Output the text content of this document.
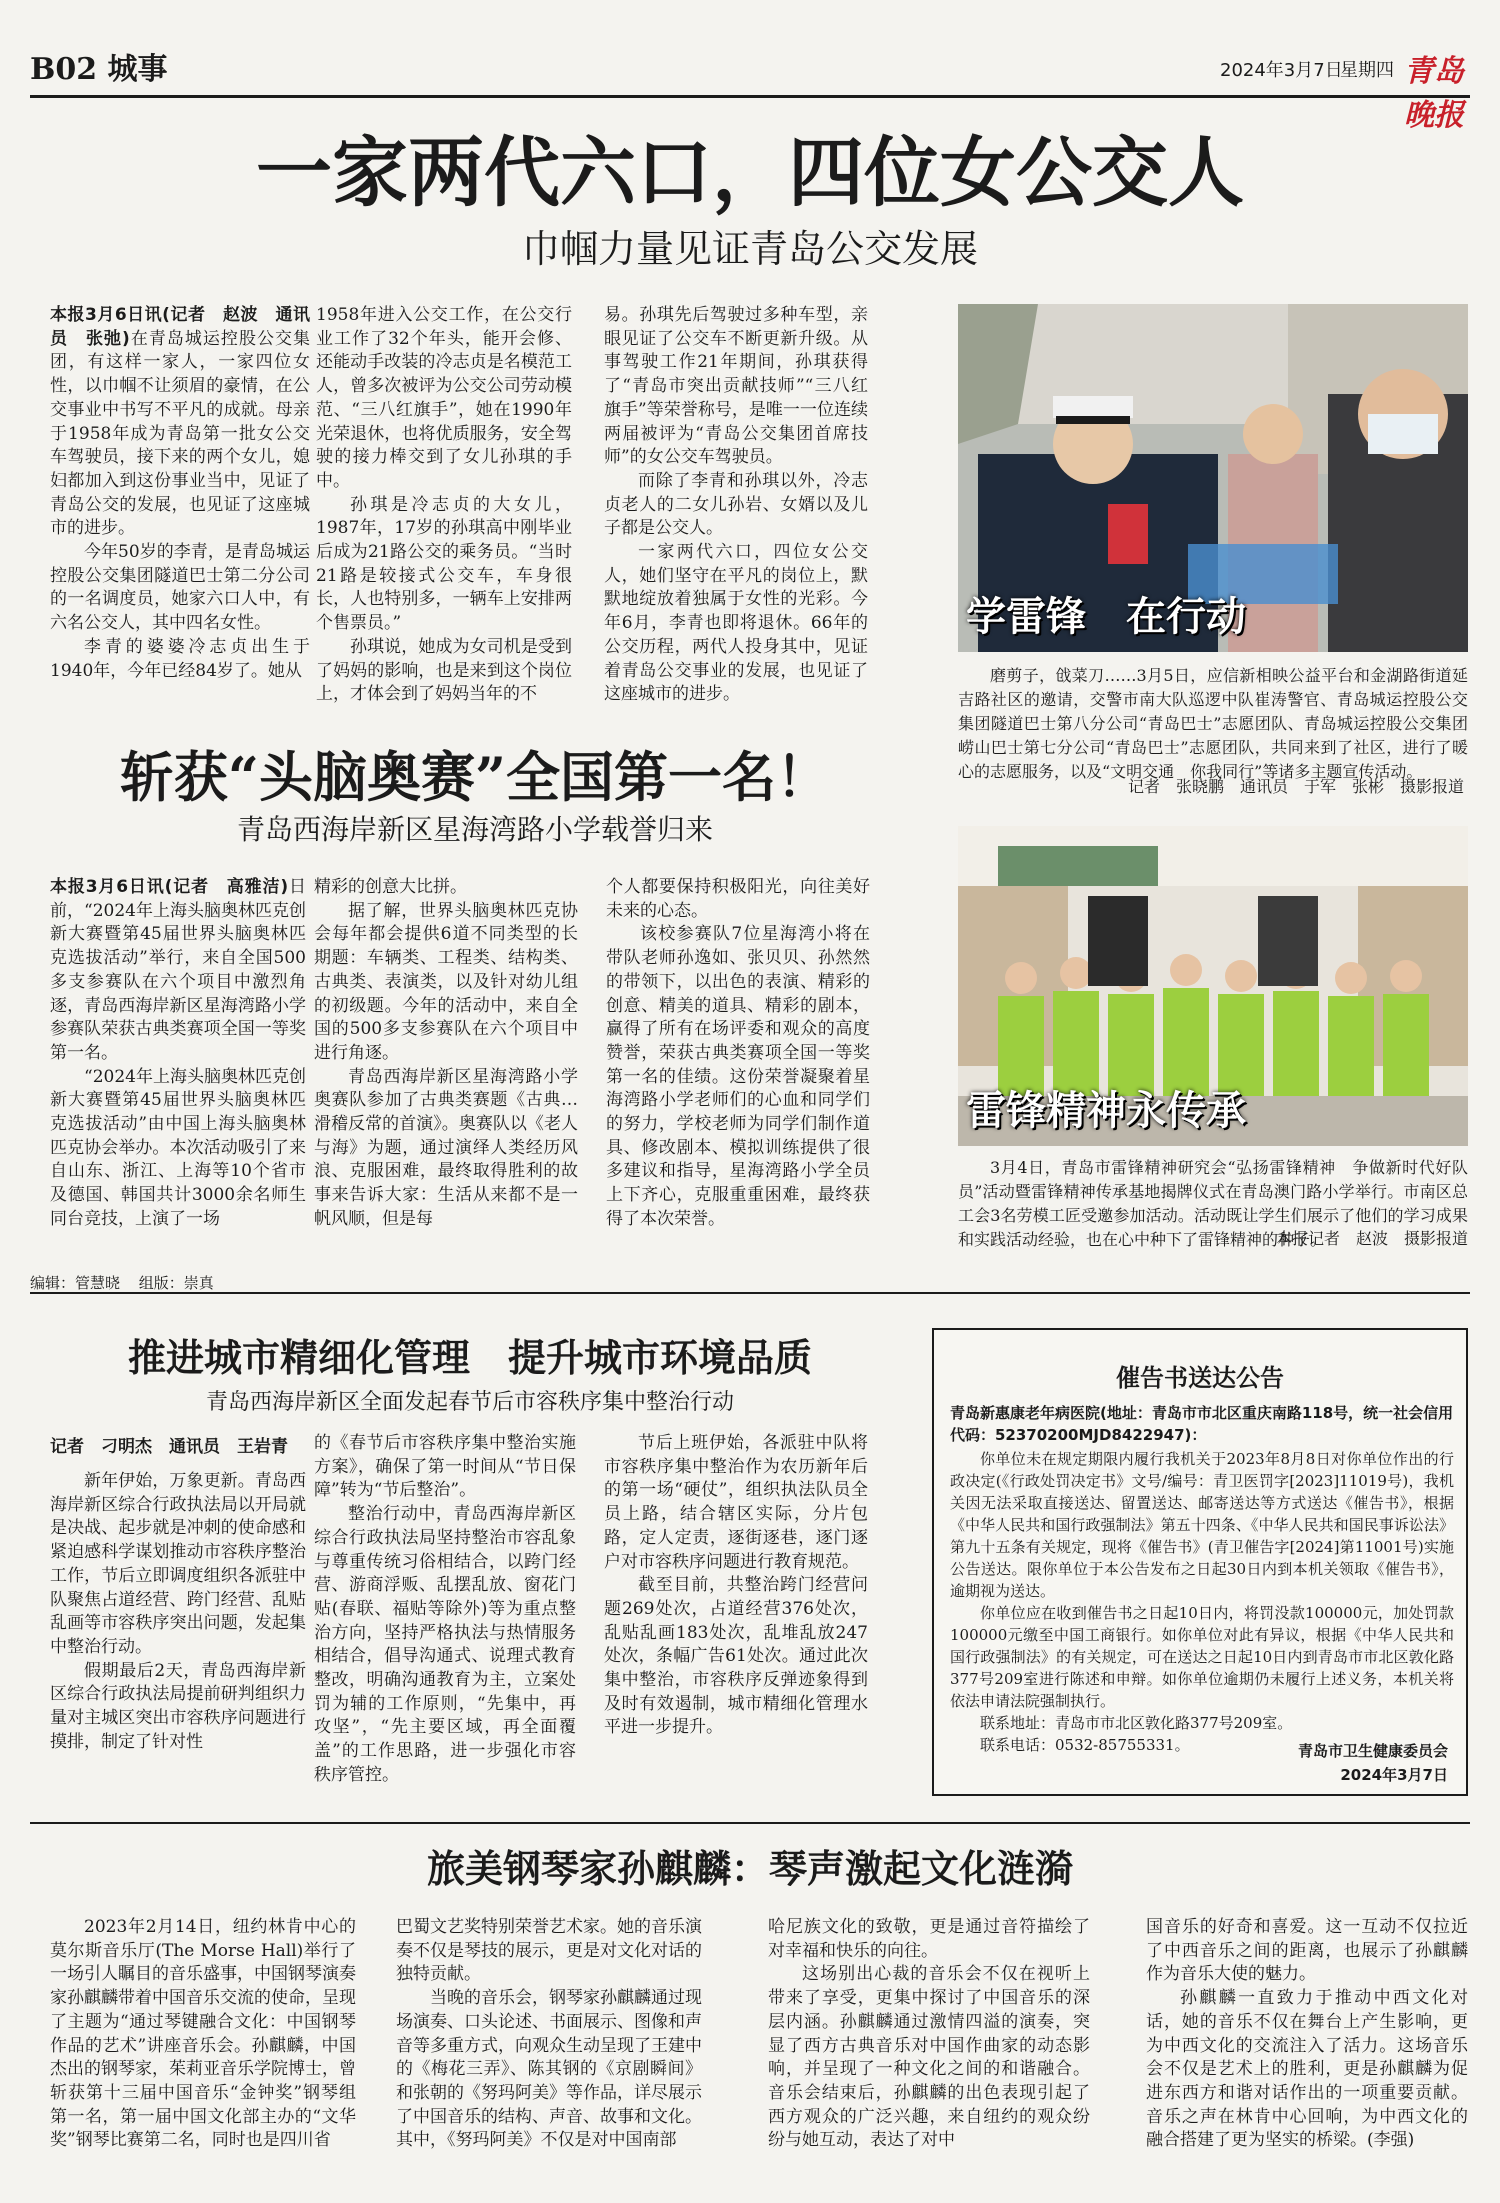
B02 城事	2024年3月7日
星期四 青岛晚报
一家两代六口，四位女公交人
巾帼力量见证青岛公交发展

本报3月6日讯(记者　赵波　通讯员　张弛)在青岛城运控股公交集团，有这样一家人，一家四位女性，以巾帼不让须眉的豪情，在公交事业中书写不平凡的成就。母亲于1958年成为青岛第一批女公交车驾驶员，接下来的两个女儿，媳妇都加入到这份事业当中，见证了青岛公交的发展，也见证了这座城市的进步。

今年50岁的李青，是青岛城运控股公交集团隧道巴士第二分公司的一名调度员，她家六口人中，有六名公交人，其中四名女性。

李青的婆婆冷志贞出生于1940年，今年已经84岁了。她从

1958年进入公交工作，在公交行业工作了32个年头，能开会修、还能动手改装的冷志贞是名模范工人，曾多次被评为公交公司劳动模范、“三八红旗手”，她在1990年光荣退休，也将优质服务，安全驾驶的接力棒交到了女儿孙琪的手中。

孙琪是冷志贞的大女儿，1987年，17岁的孙琪高中刚毕业后成为21路公交的乘务员。“当时21路是较接式公交车，车身很长，人也特别多，一辆车上安排两个售票员。”

孙琪说，她成为女司机是受到了妈妈的影响，也是来到这个岗位上，才体会到了妈妈当年的不

易。孙琪先后驾驶过多种车型，亲眼见证了公交车不断更新升级。从事驾驶工作21年期间，孙琪获得了“青岛市突出贡献技师”“三八红旗手”等荣誉称号，是唯一一位连续两届被评为“青岛公交集团首席技师”的女公交车驾驶员。

而除了李青和孙琪以外，冷志贞老人的二女儿孙岩、女婿以及儿子都是公交人。

一家两代六口，四位女公交人，她们坚守在平凡的岗位上，默默地绽放着独属于女性的光彩。今年6月，李青也即将退休。66年的公交历程，两代人投身其中，见证着青岛公交事业的发展，也见证了这座城市的进步。

学雷锋　在行动

磨剪子，戗菜刀……3月5日，应信新相映公益平台和金湖路街道延吉路社区的邀请，交警市南大队巡逻中队崔涛警官、青岛城运控股公交集团隧道巴士第八分公司“青岛巴士”志愿团队、青岛城运控股公交集团崂山巴士第七分公司“青岛巴士”志愿团队，共同来到了社区，进行了暖心的志愿服务，以及“文明交通　你我同行”等诸多主题宣传活动。

记者　张晓鹏　通讯员　于军　张彬　摄影报道
斩获“头脑奥赛”全国第一名！
青岛西海岸新区星海湾路小学载誉归来

本报3月6日讯(记者　高雅洁)日前，“2024年上海头脑奥林匹克创新大赛暨第45届世界头脑奥林匹克选拔活动”举行，来自全国500多支参赛队在六个项目中激烈角逐，青岛西海岸新区星海湾路小学参赛队荣获古典类赛项全国一等奖第一名。

“2024年上海头脑奥林匹克创新大赛暨第45届世界头脑奥林匹克选拔活动”由中国上海头脑奥林匹克协会举办。本次活动吸引了来自山东、浙江、上海等10个省市及德国、韩国共计3000余名师生同台竞技，上演了一场

精彩的创意大比拼。

据了解，世界头脑奥林匹克协会每年都会提供6道不同类型的长期题：车辆类、工程类、结构类、古典类、表演类，以及针对幼儿组的初级题。今年的活动中，来自全国的500多支参赛队在六个项目中进行角逐。

青岛西海岸新区星海湾路小学奥赛队参加了古典类赛题《古典…滑稽反常的首演》。奥赛队以《老人与海》为题，通过演绎人类经历风浪、克服困难，最终取得胜利的故事来告诉大家：生活从来都不是一帆风顺，但是每

个人都要保持积极阳光，向往美好未来的心态。

该校参赛队7位星海湾小将在带队老师孙逸如、张贝贝、孙然然的带领下，以出色的表演、精彩的创意、精美的道具、精彩的剧本，赢得了所有在场评委和观众的高度赞誉，荣获古典类赛项全国一等奖第一名的佳绩。这份荣誉凝聚着星海湾路小学老师们的心血和同学们的努力，学校老师为同学们制作道具、修改剧本、模拟训练提供了很多建议和指导，星海湾路小学全员上下齐心，克服重重困难，最终获得了本次荣誉。

雷锋精神永传承

3月4日，青岛市雷锋精神研究会“弘扬雷锋精神　争做新时代好队员”活动暨雷锋精神传承基地揭牌仪式在青岛澳门路小学举行。市南区总工会3名劳模工匠受邀参加活动。活动既让学生们展示了他们的学习成果和实践活动经验，也在心中种下了雷锋精神的种子。

本报记者　赵波　摄影报道
编辑：管慧晓 组版：崇真
推进城市精细化管理　提升城市环境品质
青岛西海岸新区全面发起春节后市容秩序集中整治行动
记者　刁明杰　通讯员　王岩青

新年伊始，万象更新。青岛西海岸新区综合行政执法局以开局就是决战、起步就是冲刺的使命感和紧迫感科学谋划推动市容秩序整治工作，节后立即调度组织各派驻中队聚焦占道经营、跨门经营、乱贴乱画等市容秩序突出问题，发起集中整治行动。

假期最后2天，青岛西海岸新区综合行政执法局提前研判组织力量对主城区突出市容秩序问题进行摸排，制定了针对性

的《春节后市容秩序集中整治实施方案》，确保了第一时间从“节日保障”转为“节后整治”。

整治行动中，青岛西海岸新区综合行政执法局坚持整治市容乱象与尊重传统习俗相结合，以跨门经营、游商浮贩、乱摆乱放、窗花门贴(春联、福贴等除外)等为重点整治方向，坚持严格执法与热情服务相结合，倡导沟通式、说理式教育整改，明确沟通教育为主，立案处罚为辅的工作原则，“先集中，再攻坚”，“先主要区域，再全面覆盖”的工作思路，进一步强化市容秩序管控。

节后上班伊始，各派驻中队将市容秩序集中整治作为农历新年后的第一场“硬仗”，组织执法队员全员上路，结合辖区实际，分片包路，定人定责，逐街逐巷，逐门逐户对市容秩序问题进行教育规范。

截至目前，共整治跨门经营问题269处次，占道经营376处次，乱贴乱画183处次，乱堆乱放247处次，条幅广告61处次。通过此次集中整治，市容秩序反弹迹象得到及时有效遏制，城市精细化管理水平进一步提升。

催告书送达公告
青岛新惠康老年病医院(地址：青岛市市北区重庆南路118号，统一社会信用代码：52370200MJD8422947)：

你单位未在规定期限内履行我机关于2023年8月8日对你单位作出的行政决定(《行政处罚决定书》文号/编号：青卫医罚字[2023]11019号)，我机关因无法采取直接送达、留置送达、邮寄送达等方式送达《催告书》，根据《中华人民共和国行政强制法》第五十四条、《中华人民共和国民事诉讼法》第九十五条有关规定，现将《催告书》(青卫催告字[2024]第11001号)实施公告送达。限你单位于本公告发布之日起30日内到本机关领取《催告书》，逾期视为送达。

你单位应在收到催告书之日起10日内，将罚没款100000元，加处罚款100000元缴至中国工商银行。如你单位对此有异议，根据《中华人民共和国行政强制法》的有关规定，可在送达之日起10日内到青岛市市北区敦化路377号209室进行陈述和申辩。如你单位逾期仍未履行上述义务，本机关将依法申请法院强制执行。

联系地址：青岛市市北区敦化路377号209室。

联系电话：0532-85755331。	青岛市卫生健康委员会
2024年3月7日
旅美钢琴家孙麒麟：琴声激起文化涟漪

2023年2月14日，纽约林肯中心的莫尔斯音乐厅(The Morse Hall)举行了一场引人瞩目的音乐盛事，中国钢琴演奏家孙麒麟带着中国音乐交流的使命，呈现了主题为“通过琴键融合文化：中国钢琴作品的艺术”讲座音乐会。孙麒麟，中国杰出的钢琴家，茱莉亚音乐学院博士，曾斩获第十三届中国音乐“金钟奖”钢琴组第一名，第一届中国文化部主办的“文华奖”钢琴比赛第二名，同时也是四川省

巴蜀文艺奖特别荣誉艺术家。她的音乐演奏不仅是琴技的展示，更是对文化对话的独特贡献。

当晚的音乐会，钢琴家孙麒麟通过现场演奏、口头论述、书面展示、图像和声音等多重方式，向观众生动呈现了王建中的《梅花三弄》、陈其钢的《京剧瞬间》和张朝的《努玛阿美》等作品，详尽展示了中国音乐的结构、声音、故事和文化。其中，《努玛阿美》不仅是对中国南部

哈尼族文化的致敬，更是通过音符描绘了对幸福和快乐的向往。

这场别出心裁的音乐会不仅在视听上带来了享受，更集中探讨了中国音乐的深层内涵。孙麒麟通过激情四溢的演奏，突显了西方古典音乐对中国作曲家的动态影响，并呈现了一种文化之间的和谐融合。音乐会结束后，孙麒麟的出色表现引起了西方观众的广泛兴趣，来自纽约的观众纷纷与她互动，表达了对中

国音乐的好奇和喜爱。这一互动不仅拉近了中西音乐之间的距离，也展示了孙麒麟作为音乐大使的魅力。

孙麒麟一直致力于推动中西文化对话，她的音乐不仅在舞台上产生影响，更为中西文化的交流注入了活力。这场音乐会不仅是艺术上的胜利，更是孙麒麟为促进东西方和谐对话作出的一项重要贡献。音乐之声在林肯中心回响，为中西文化的融合搭建了更为坚实的桥梁。(李强)
